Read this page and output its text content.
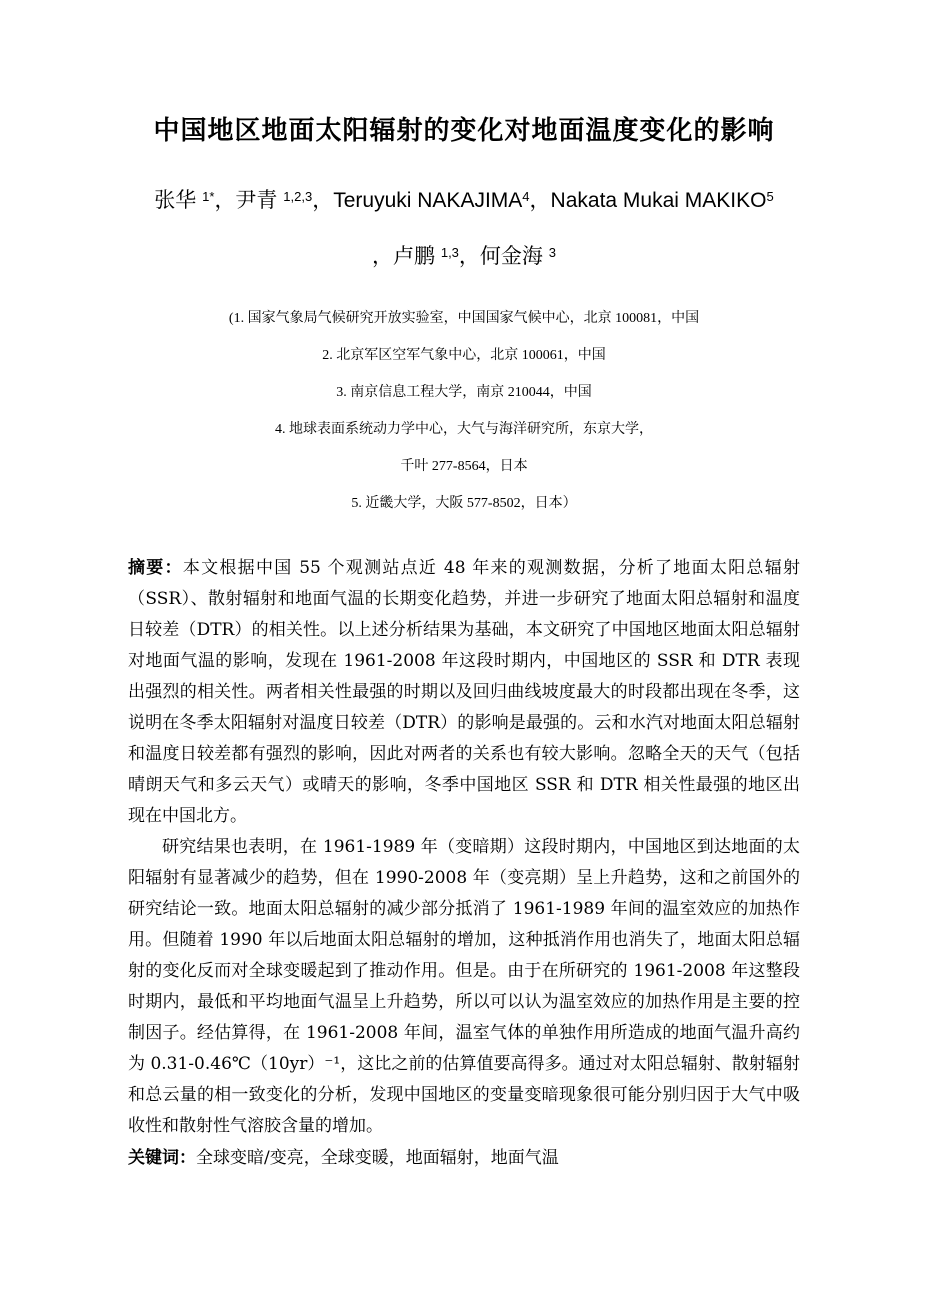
中国地区地面太阳辐射的变化对地面温度变化的影响
张华 $^{1*}$，尹青 $^{1,2,3}$，Teruyuki NAKAJIMA$^4$，Nakata Mukai MAKIKO$^5$
，卢鹏 $^{1,3}$，何金海 $^3$
(1. 国家气象局气候研究开放实验室，中国国家气候中心，北京 100081，中国
2. 北京军区空军气象中心，北京 100061，中国
3. 南京信息工程大学，南京 210044，中国
4. 地球表面系统动力学中心，大气与海洋研究所，东京大学，
千叶 277-8564，日本
5. 近畿大学，大阪 577-8502，日本）

摘要：本文根据中国 55 个观测站点近 48 年来的观测数据，分析了地面太阳总辐射（SSR）、散射辐射和地面气温的长期变化趋势，并进一步研究了地面太阳总辐射和温度日较差（DTR）的相关性。以上述分析结果为基础，本文研究了中国地区地面太阳总辐射对地面气温的影响，发现在 1961-2008 年这段时期内，中国地区的 SSR 和 DTR 表现出强烈的相关性。两者相关性最强的时期以及回归曲线坡度最大的时段都出现在冬季，这说明在冬季太阳辐射对温度日较差（DTR）的影响是最强的。云和水汽对地面太阳总辐射和温度日较差都有强烈的影响，因此对两者的关系也有较大影响。忽略全天的天气（包括晴朗天气和多云天气）或晴天的影响，冬季中国地区 SSR 和 DTR 相关性最强的地区出现在中国北方。

研究结果也表明，在 1961-1989 年（变暗期）这段时期内，中国地区到达地面的太阳辐射有显著减少的趋势，但在 1990-2008 年（变亮期）呈上升趋势，这和之前国外的研究结论一致。地面太阳总辐射的减少部分抵消了 1961-1989 年间的温室效应的加热作用。但随着 1990 年以后地面太阳总辐射的增加，这种抵消作用也消失了，地面太阳总辐射的变化反而对全球变暖起到了推动作用。但是。由于在所研究的 1961-2008 年这整段时期内，最低和平均地面气温呈上升趋势，所以可以认为温室效应的加热作用是主要的控制因子。经估算得，在 1961-2008 年间，温室气体的单独作用所造成的地面气温升高约为 0.31-0.46℃（10yr）⁻¹，这比之前的估算值要高得多。通过对太阳总辐射、散射辐射和总云量的相一致变化的分析，发现中国地区的变量变暗现象很可能分别归因于大气中吸收性和散射性气溶胶含量的增加。

关键词：全球变暗/变亮，全球变暖，地面辐射，地面气温
